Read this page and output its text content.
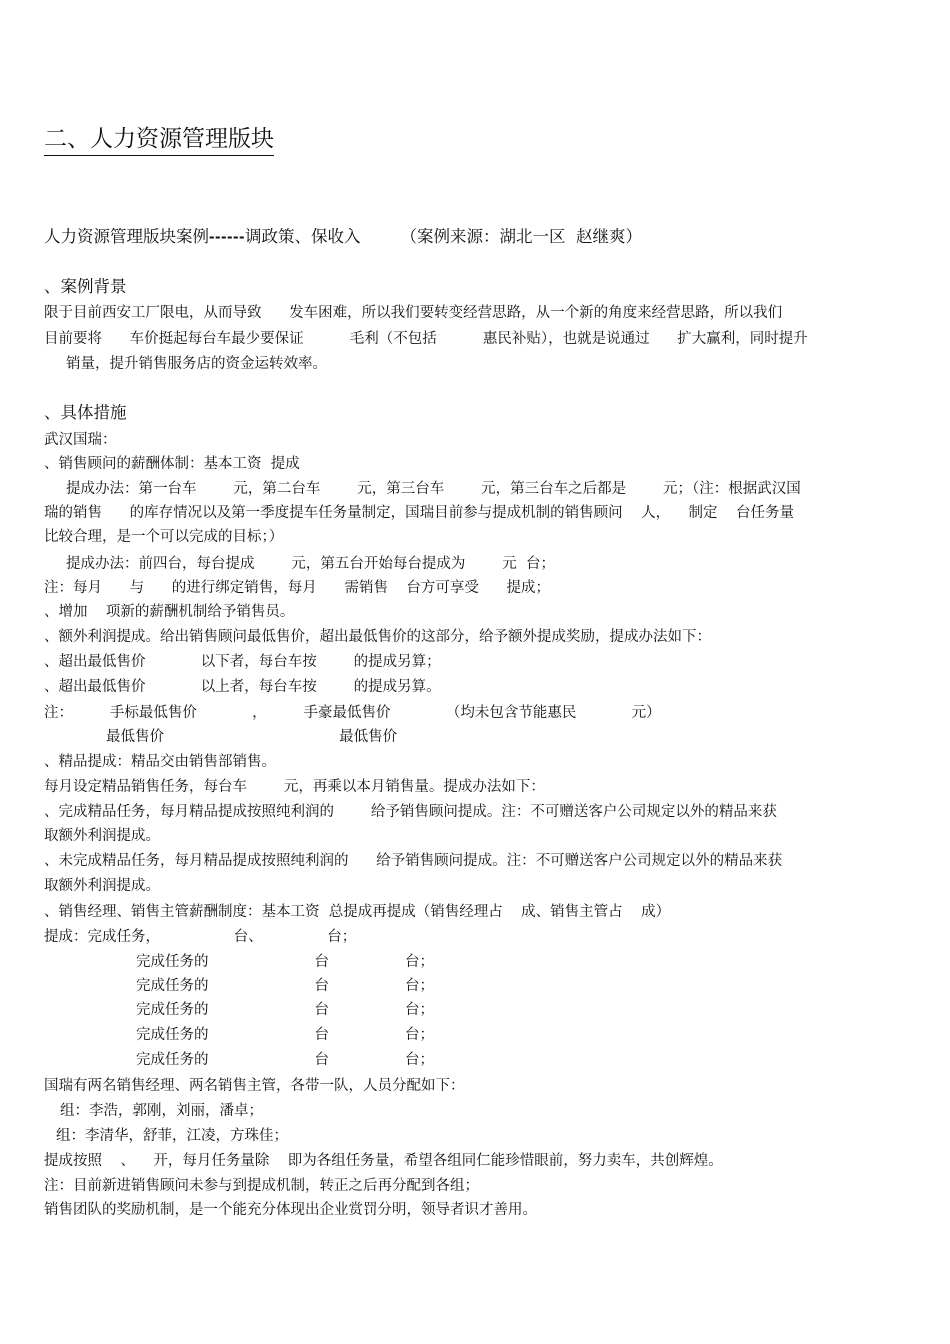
二、人力资源管理版块
人力资源管理版块案例------调政策、保收入 （案例来源：湖北一区  赵继爽）
、案例背景
限于目前西安工厂限电，从而导致      发车困难，所以我们要转变经营思路，从一个新的角度来经营思路，所以我们
目前要将      车价挺起每台车最少要保证          毛利（不包括          惠民补贴），也就是说通过      扩大赢利，同时提升
销量，提升销售服务店的资金运转效率。
、具体措施
武汉国瑞：
、销售顾问的薪酬体制：基本工资  提成
提成办法：第一台车        元，第二台车        元，第三台车        元，第三台车之后都是        元；（注：根据武汉国
瑞的销售      的库存情况以及第一季度提车任务量制定，国瑞目前参与提成机制的销售顾问    人，    制定    台任务量
比较合理，是一个可以完成的目标；）
提成办法：前四台，每台提成        元，第五台开始每台提成为        元  台；
注：每月      与      的进行绑定销售，每月      需销售    台方可享受      提成；
、增加    项新的薪酬机制给予销售员。
、额外利润提成。给出销售顾问最低售价，超出最低售价的这部分，给予额外提成奖励，提成办法如下：
、超出最低售价            以下者，每台车按        的提成另算；
、超出最低售价            以上者，每台车按        的提成另算。
注：        手标最低售价            ，        手豪最低售价            （均未包含节能惠民            元）
最低售价                                      最低售价
、精品提成：精品交由销售部销售。
每月设定精品销售任务，每台车        元，再乘以本月销售量。提成办法如下：
、完成精品任务，每月精品提成按照纯利润的        给予销售顾问提成。注：不可赠送客户公司规定以外的精品来获
取额外利润提成。
、未完成精品任务，每月精品提成按照纯利润的      给予销售顾问提成。注：不可赠送客户公司规定以外的精品来获
取额外利润提成。
、销售经理、销售主管薪酬制度：基本工资  总提成再提成（销售经理占    成、销售主管占    成）
提成：完成任务，                台、              台；
完成任务的	台	台；
完成任务的	台	台；
完成任务的	台	台；
完成任务的	台	台；
完成任务的	台	台；
国瑞有两名销售经理、两名销售主管，各带一队，人员分配如下：
组：李浩，郭刚，刘丽，潘卓；
组：李清华，舒菲，江凌，方珠佳；
提成按照    、    开，每月任务量除    即为各组任务量，希望各组同仁能珍惜眼前，努力卖车，共创辉煌。
注：目前新进销售顾问未参与到提成机制，转正之后再分配到各组；
销售团队的奖励机制，是一个能充分体现出企业赏罚分明，领导者识才善用。
